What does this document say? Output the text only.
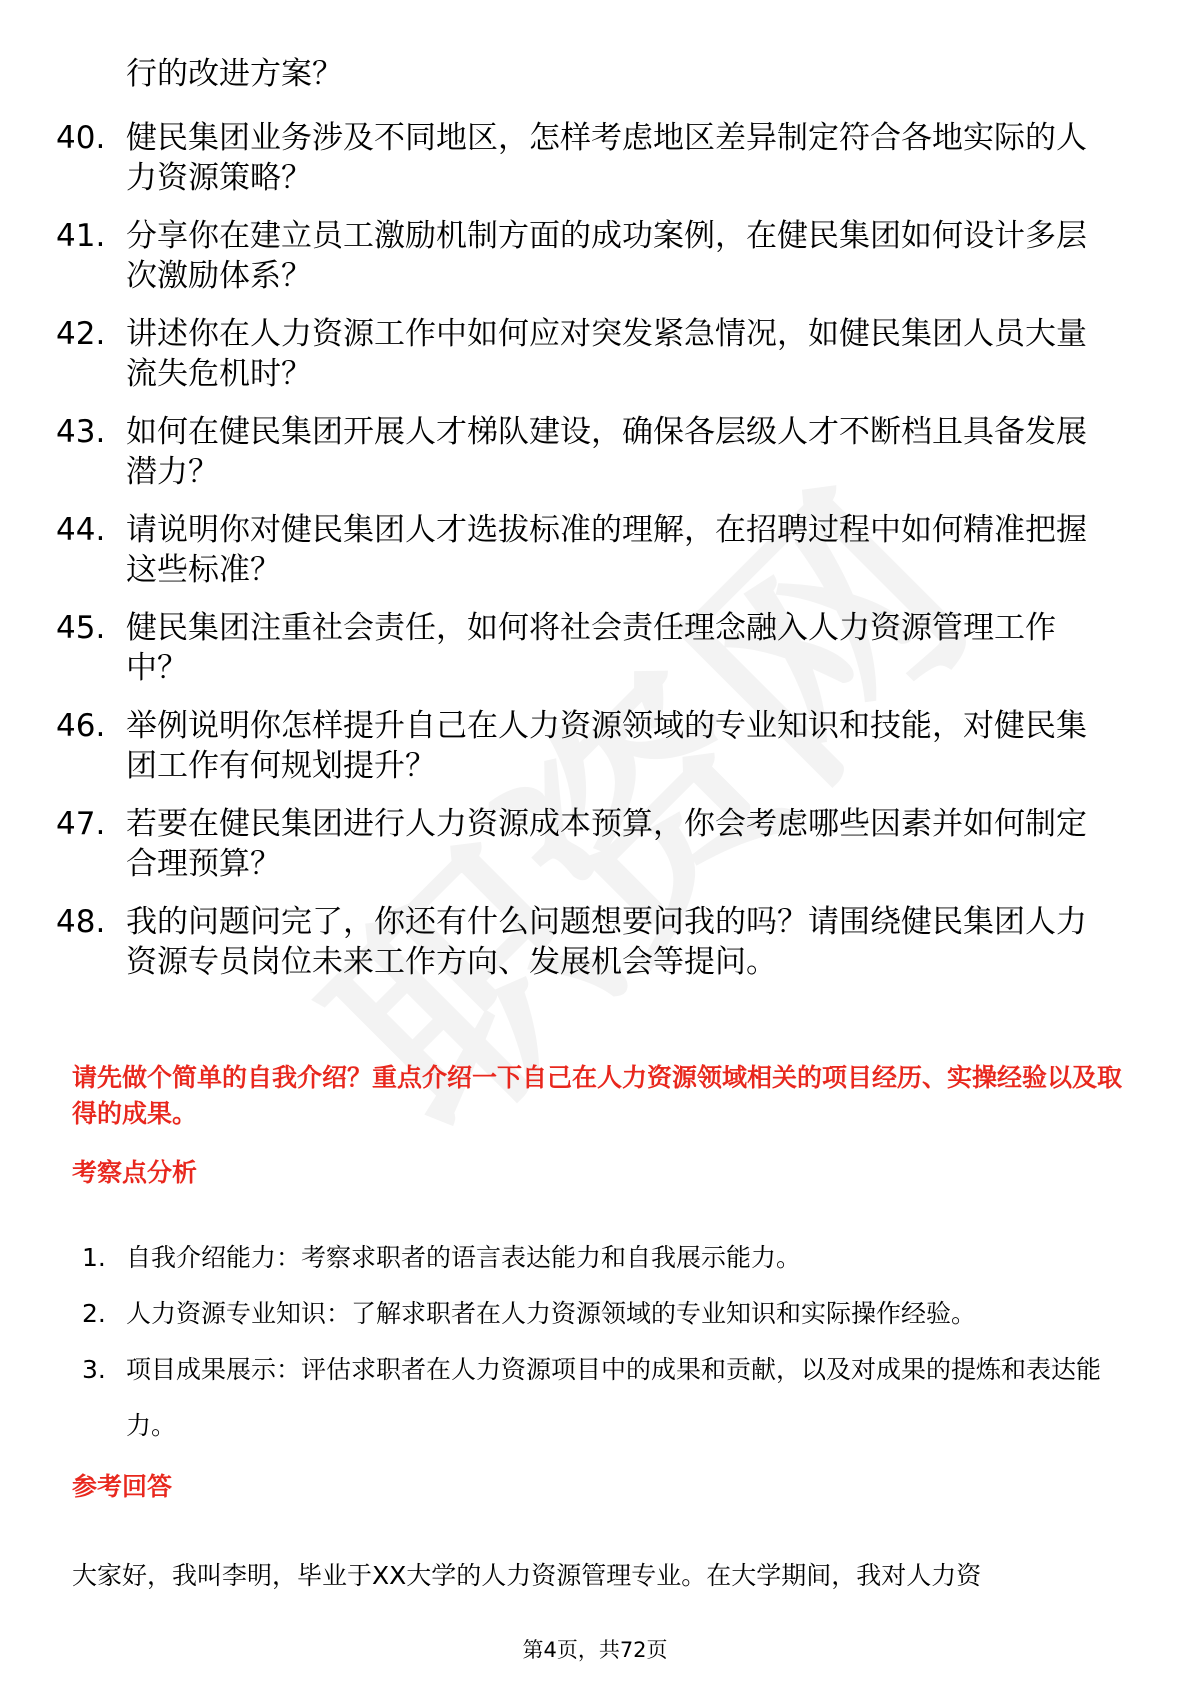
行的改进方案？

40. 健民集团业务涉及不同地区，怎样考虑地区差异制定符合各地实际的人力资源策略？
41. 分享你在建立员工激励机制方面的成功案例，在健民集团如何设计多层次激励体系？
42. 讲述你在人力资源工作中如何应对突发紧急情况，如健民集团人员大量流失危机时？
43. 如何在健民集团开展人才梯队建设，确保各层级人才不断档且具备发展潜力？
44. 请说明你对健民集团人才选拔标准的理解，在招聘过程中如何精准把握这些标准？
45. 健民集团注重社会责任，如何将社会责任理念融入人力资源管理工作中？
46. 举例说明你怎样提升自己在人力资源领域的专业知识和技能，对健民集团工作有何规划提升？
47. 若要在健民集团进行人力资源成本预算，你会考虑哪些因素并如何制定合理预算？
48. 我的问题问完了，你还有什么问题想要问我的吗？请围绕健民集团人力资源专员岗位未来工作方向、发展机会等提问。

请先做个简单的自我介绍？重点介绍一下自己在人力资源领域相关的项目经历、实操经验以及取得的成果。

考察点分析
1. 自我介绍能力：考察求职者的语言表达能力和自我展示能力。
2. 人力资源专业知识：了解求职者在人力资源领域的专业知识和实际操作经验。
3. 项目成果展示：评估求职者在人力资源项目中的成果和贡献，以及对成果的提炼和表达能力。
参考回答

大家好，我叫李明，毕业于XX大学的人力资源管理专业。在大学期间，我对人力资

第4页，共72页
